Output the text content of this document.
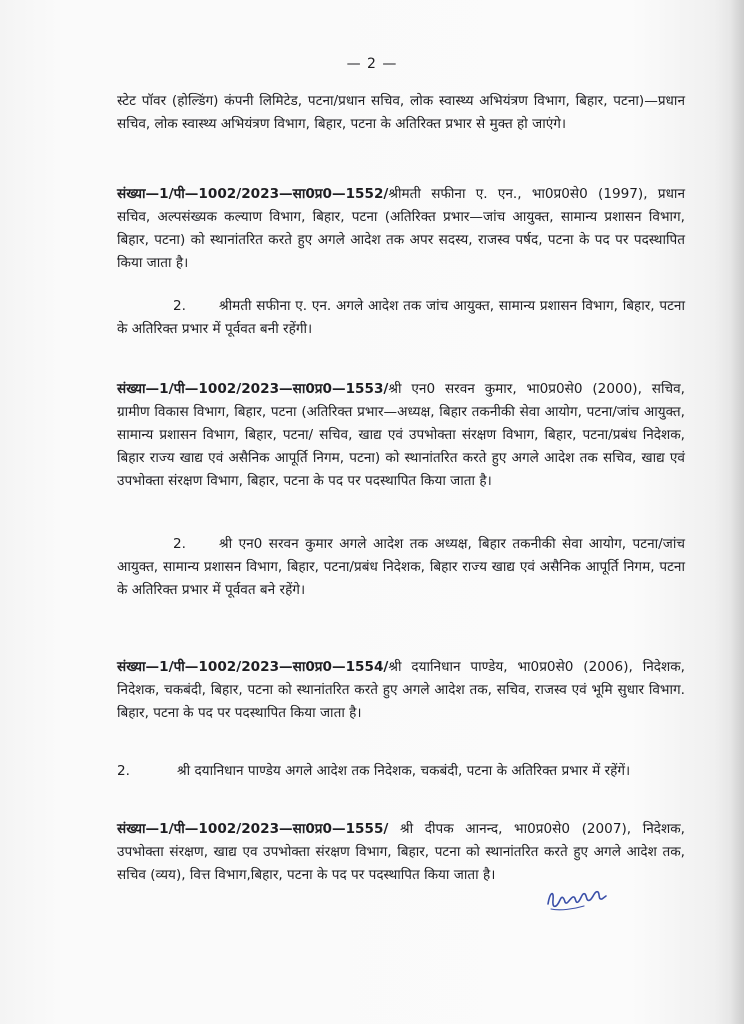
— 2 —
स्टेट पॉवर (होल्डिंग) कंपनी लिमिटेड, पटना/प्रधान सचिव, लोक स्वास्थ्य अभियंत्रण विभाग, बिहार, पटना)—प्रधान सचिव, लोक स्वास्थ्य अभियंत्रण विभाग, बिहार, पटना के अतिरिक्त प्रभार से मुक्त हो जाएंगे।
संख्या—1/पी—1002/2023—सा0प्र0—1552/श्रीमती सफीना ए. एन., भा0प्र0से0 (1997), प्रधान सचिव, अल्पसंख्यक कल्याण विभाग, बिहार, पटना (अतिरिक्त प्रभार—जांच आयुक्त, सामान्य प्रशासन विभाग, बिहार, पटना) को स्थानांतरित करते हुए अगले आदेश तक अपर सदस्य, राजस्व पर्षद, पटना के पद पर पदस्थापित किया जाता है।
2. श्रीमती सफीना ए. एन. अगले आदेश तक जांच आयुक्त, सामान्य प्रशासन विभाग, बिहार, पटना के अतिरिक्त प्रभार में पूर्ववत बनी रहेंगी।
संख्या—1/पी—1002/2023—सा0प्र0—1553/श्री एन0 सरवन कुमार, भा0प्र0से0 (2000), सचिव, ग्रामीण विकास विभाग, बिहार, पटना (अतिरिक्त प्रभार—अध्यक्ष, बिहार तकनीकी सेवा आयोग, पटना/जांच आयुक्त, सामान्य प्रशासन विभाग, बिहार, पटना/ सचिव, खाद्य एवं उपभोक्ता संरक्षण विभाग, बिहार, पटना/प्रबंध निदेशक, बिहार राज्य खाद्य एवं असैनिक आपूर्ति निगम, पटना) को स्थानांतरित करते हुए अगले आदेश तक सचिव, खाद्य एवं उपभोक्ता संरक्षण विभाग, बिहार, पटना के पद पर पदस्थापित किया जाता है।
2. श्री एन0 सरवन कुमार अगले आदेश तक अध्यक्ष, बिहार तकनीकी सेवा आयोग, पटना/जांच आयुक्त, सामान्य प्रशासन विभाग, बिहार, पटना/प्रबंध निदेशक, बिहार राज्य खाद्य एवं असैनिक आपूर्ति निगम, पटना के अतिरिक्त प्रभार में पूर्ववत बने रहेंगे।
संख्या—1/पी—1002/2023—सा0प्र0—1554/श्री दयानिधान पाण्डेय, भा0प्र0से0 (2006), निदेशक, निदेशक, चकबंदी, बिहार, पटना को स्थानांतरित करते हुए अगले आदेश तक, सचिव, राजस्व एवं भूमि सुधार विभाग. बिहार, पटना के पद पर पदस्थापित किया जाता है।
2.	श्री दयानिधान पाण्डेय अगले आदेश तक निदेशक, चकबंदी, पटना के अतिरिक्त प्रभार में रहेंगें।
संख्या—1/पी—1002/2023—सा0प्र0—1555/ श्री दीपक आनन्द, भा0प्र0से0 (2007), निदेशक, उपभोक्ता संरक्षण, खाद्य एव उपभोक्ता संरक्षण विभाग, बिहार, पटना को स्थानांतरित करते हुए अगले आदेश तक, सचिव (व्यय), वित्त विभाग,बिहार, पटना के पद पर पदस्थापित किया जाता है।
